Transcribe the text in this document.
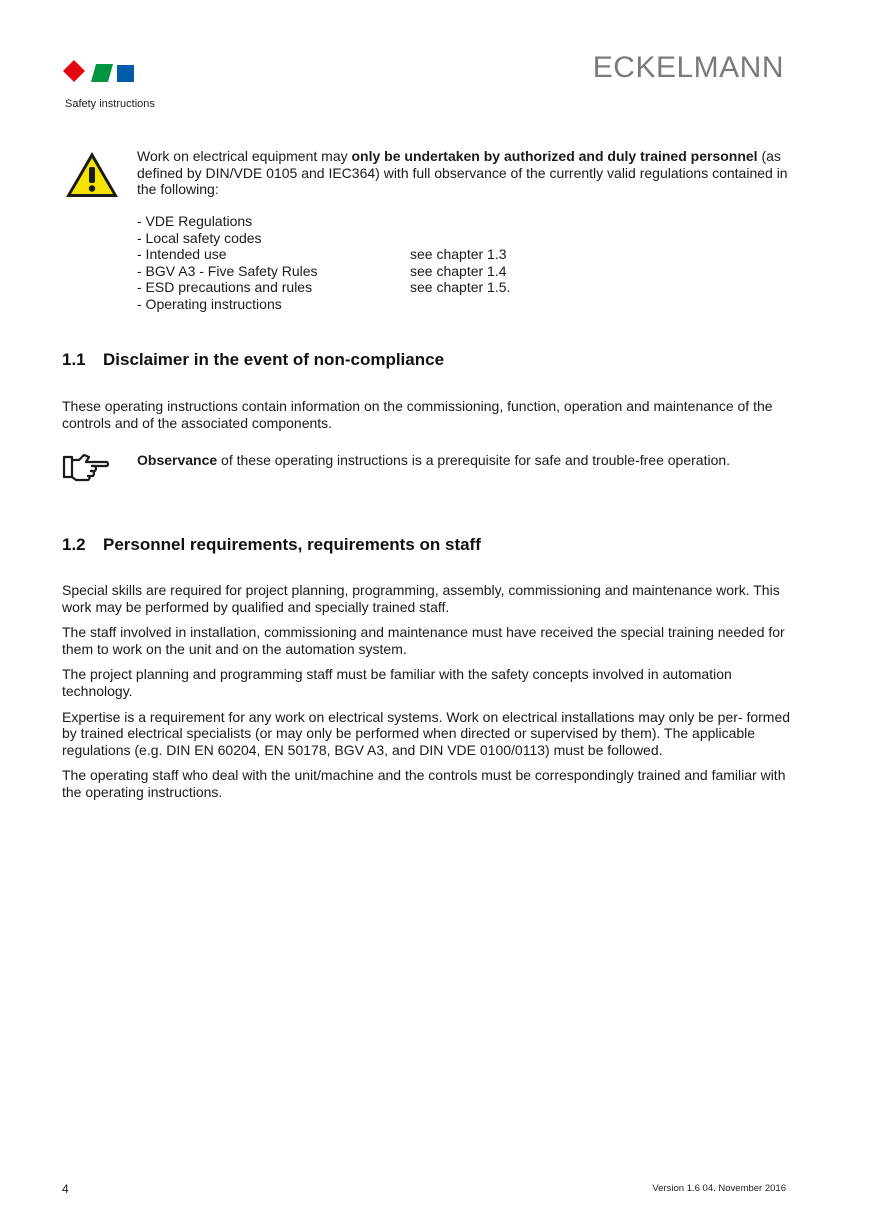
ECKELMANN
Safety instructions
Work on electrical equipment may only be undertaken by authorized and duly trained personnel (as defined by DIN/VDE 0105 and IEC364) with full observance of the currently valid regulations contained in the following:
- VDE Regulations
- Local safety codes
- Intended use	see chapter 1.3
- BGV A3 - Five Safety Rules	see chapter 1.4
- ESD precautions and rules	see chapter 1.5.
- Operating instructions
1.1 Disclaimer in the event of non-compliance
These operating instructions contain information on the commissioning, function, operation and maintenance of the controls and of the associated components.
Observance of these operating instructions is a prerequisite for safe and trouble-free operation.
1.2 Personnel requirements, requirements on staff

Special skills are required for project planning, programming, assembly, commissioning and maintenance work. This work may be performed by qualified and specially trained staff.

The staff involved in installation, commissioning and maintenance must have received the special training needed for them to work on the unit and on the automation system.

The project planning and programming staff must be familiar with the safety concepts involved in automation technology.

Expertise is a requirement for any work on electrical systems. Work on electrical installations may only be per- formed by trained electrical specialists (or may only be performed when directed or supervised by them). The applicable regulations (e.g. DIN EN 60204, EN 50178, BGV A3, and DIN VDE 0100/0113) must be followed.

The operating staff who deal with the unit/machine and the controls must be correspondingly trained and familiar with the operating instructions.

4	Version 1.6 04. November 2016
